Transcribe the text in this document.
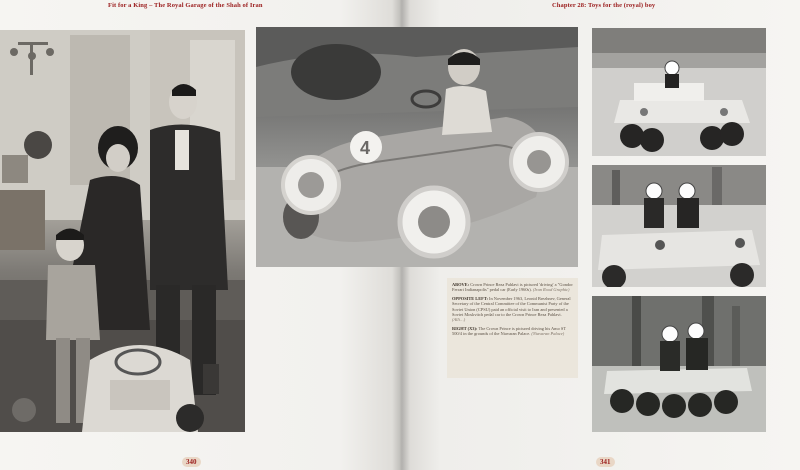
Fit for a King – The Royal Garage of the Shah of Iran	Chapter 28: Toys for the (royal) boy
4

ABOVE: Crown Prince Reza Pahlavi is pictured 'driving' a "Gondor Ferrari Indianapolis" pedal car (Early 1960s). (Iran Rood Graphic)

OPPOSITE LEFT: In November 1963, Leonid Brezhnev, General Secretary of the Central Committee of the Communist Party of the Soviet Union (CPSU) paid an official visit to Iran and presented a Soviet Moskvitch pedal car to the Crown Prince Reza Pahlavi. (Alli…)

RIGHT (X3): The Crown Prince is pictured driving his Amo ST 500/4 in the grounds of the Niavaran Palace. (Niavaran Palace)

340	341
